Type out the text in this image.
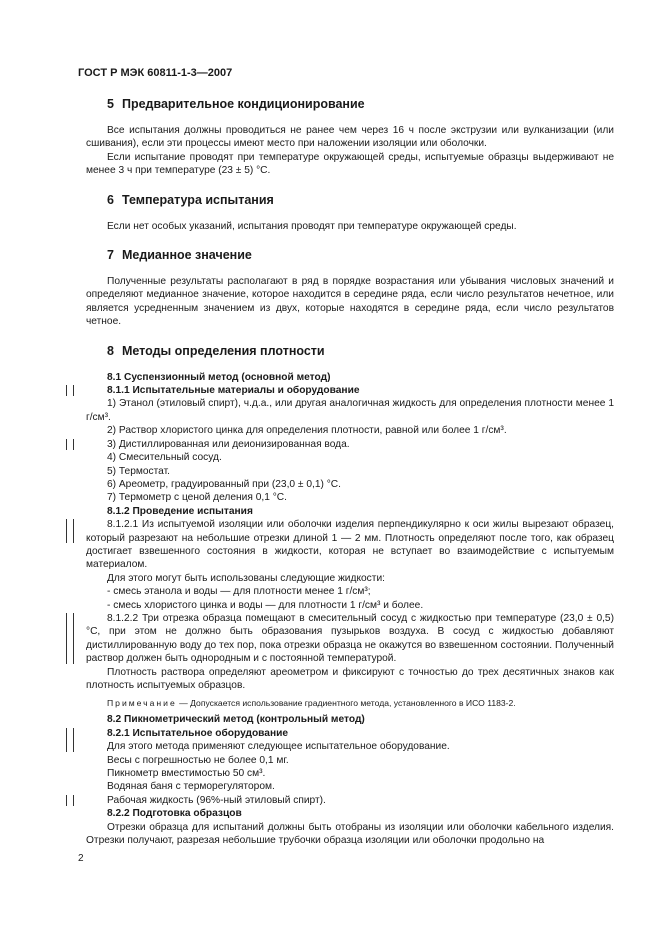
ГОСТ Р МЭК 60811-1-3—2007
5 Предварительное кондиционирование

Все испытания должны проводиться не ранее чем через 16 ч после экструзии или вулканизации (или сшивания), если эти процессы имеют место при наложении изоляции или оболочки.

Если испытание проводят при температуре окружающей среды, испытуемые образцы выдерживают не менее 3 ч при температуре (23 ± 5) °С.

6 Температура испытания

Если нет особых указаний, испытания проводят при температуре окружающей среды.

7 Медианное значение

Полученные результаты располагают в ряд в порядке возрастания или убывания числовых значений и определяют медианное значение, которое находится в середине ряда, если число результатов нечетное, или является усредненным значением из двух, которые находятся в середине ряда, если число результатов четное.

8 Методы определения плотности

8.1 Суспензионный метод (основной метод)

8.1.1 Испытательные материалы и оборудование

1) Этанол (этиловый спирт), ч.д.а., или другая аналогичная жидкость для определения плотности менее 1 г/см³.

2) Раствор хлористого цинка для определения плотности, равной или более 1 г/см³.

3) Дистиллированная или деионизированная вода.

4) Смесительный сосуд.

5) Термостат.

6) Ареометр, градуированный при (23,0 ± 0,1) °С.

7) Термометр с ценой деления 0,1 °С.

8.1.2 Проведение испытания

8.1.2.1 Из испытуемой изоляции или оболочки изделия перпендикулярно к оси жилы вырезают образец, который разрезают на небольшие отрезки длиной 1 — 2 мм. Плотность определяют после того, как образец достигает взвешенного состояния в жидкости, которая не вступает во взаимодействие с испытуемым материалом.

Для этого могут быть использованы следующие жидкости:

- смесь этанола и воды — для плотности менее 1 г/см³;

- смесь хлористого цинка и воды — для плотности 1 г/см³ и более.

8.1.2.2 Три отрезка образца помещают в смесительный сосуд с жидкостью при температуре (23,0 ± 0,5) °С, при этом не должно быть образования пузырьков воздуха. В сосуд с жидкостью добавляют дистиллированную воду до тех пор, пока отрезки образца не окажутся во взвешенном состоянии. Полученный раствор должен быть однородным и с постоянной температурой.

Плотность раствора определяют ареометром и фиксируют с точностью до трех десятичных знаков как плотность испытуемых образцов.

Примечание — Допускается использование градиентного метода, установленного в ИСО 1183-2.

8.2 Пикнометрический метод (контрольный метод)

8.2.1 Испытательное оборудование

Для этого метода применяют следующее испытательное оборудование.

Весы с погрешностью не более 0,1 мг.

Пикнометр вместимостью 50 см³.

Водяная баня с терморегулятором.

Рабочая жидкость (96%-ный этиловый спирт).

8.2.2 Подготовка образцов

Отрезки образца для испытаний должны быть отобраны из изоляции или оболочки кабельного изделия. Отрезки получают, разрезая небольшие трубочки образца изоляции или оболочки продольно на

2
